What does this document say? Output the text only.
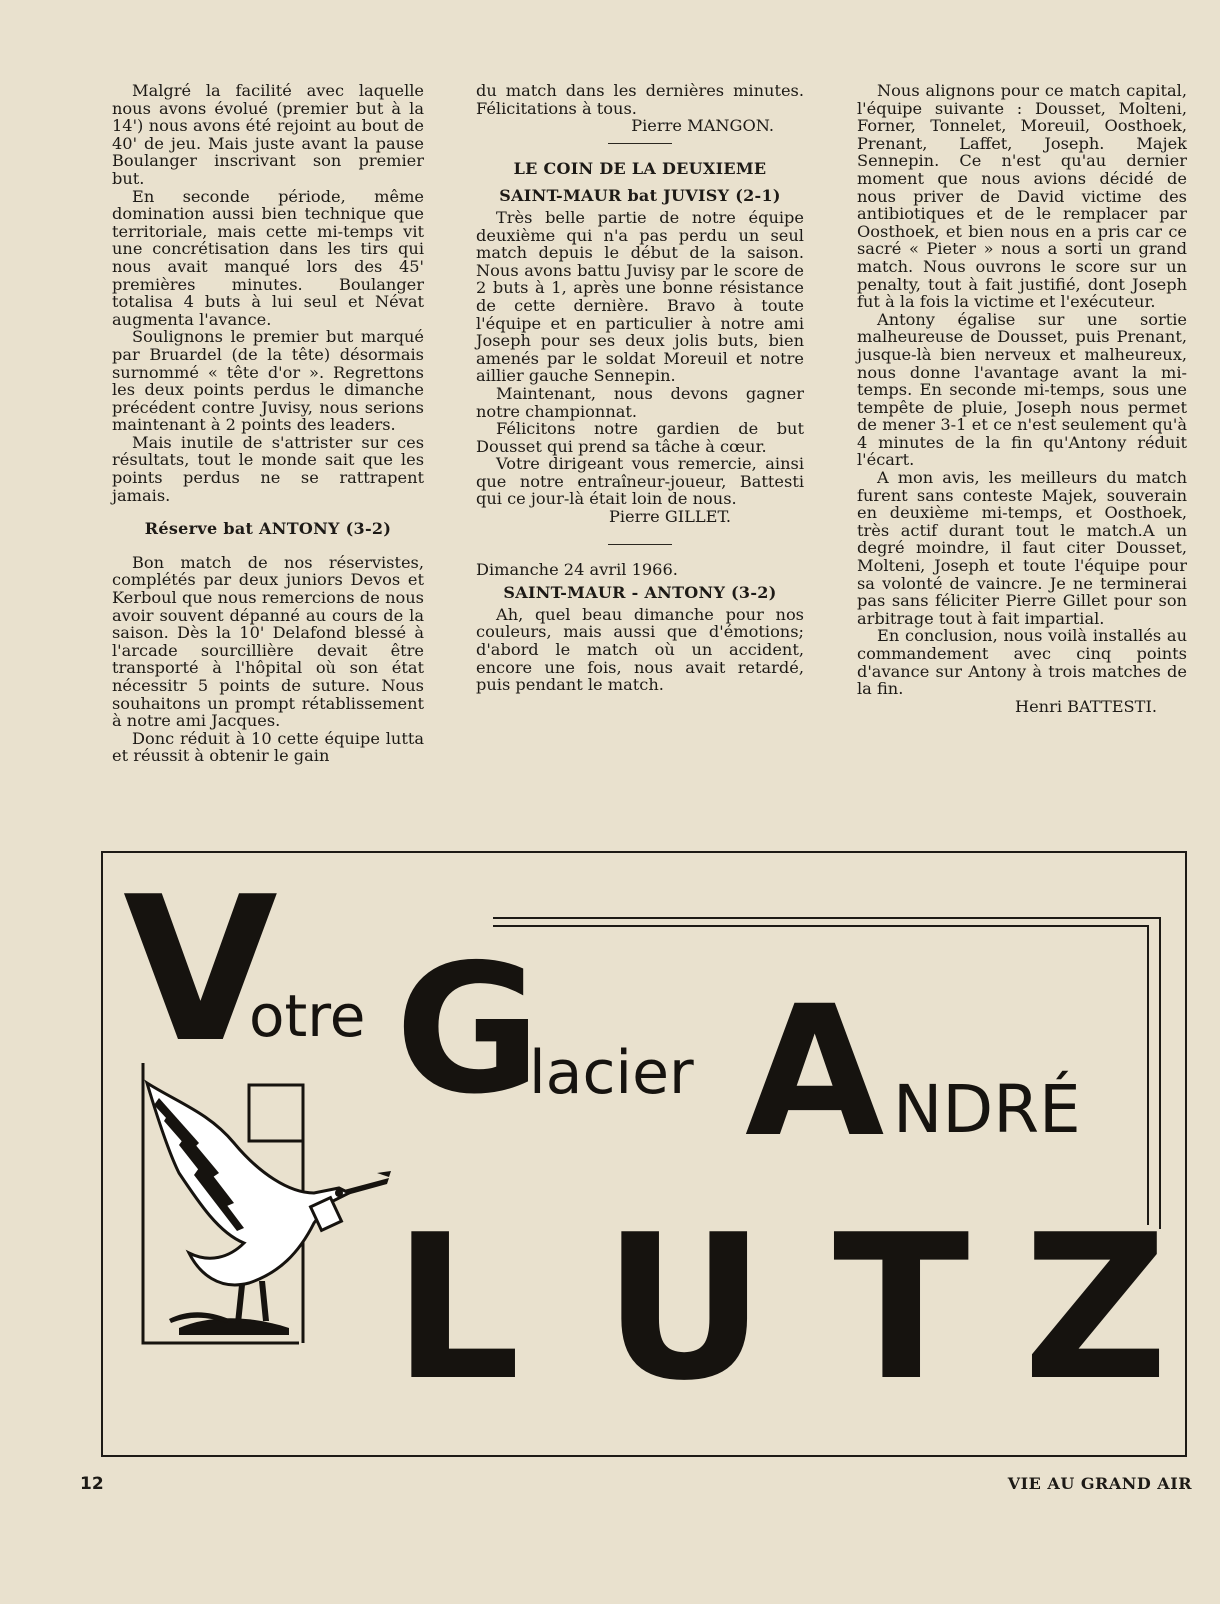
Malgré la facilité avec laquelle nous avons évolué (premier but à la 14') nous avons été rejoint au bout de 40' de jeu. Mais juste avant la pause Boulanger inscrivant son premier but.

En seconde période, même domination aussi bien technique que territoriale, mais cette mi-temps vit une concrétisation dans les tirs qui nous avait manqué lors des 45' premières minutes. Boulanger totalisa 4 buts à lui seul et Névat augmenta l'avance.

Soulignons le premier but marqué par Bruardel (de la tête) désormais surnommé « tête d'or ». Regrettons les deux points perdus le dimanche précédent contre Juvisy, nous serions maintenant à 2 points des leaders.

Mais inutile de s'attrister sur ces résultats, tout le monde sait que les points perdus ne se rattrapent jamais.

Réserve bat ANTONY (3-2)

Bon match de nos réservistes, complétés par deux juniors Devos et Kerboul que nous remercions de nous avoir souvent dépanné au cours de la saison. Dès la 10' Delafond blessé à l'arcade sourcillière devait être transporté à l'hôpital où son état nécessitr 5 points de suture. Nous souhaitons un prompt rétablissement à notre ami Jacques.

Donc réduit à 10 cette équipe lutta et réussit à obtenir le gain

du match dans les dernières minutes. Félicitations à tous.

Pierre MANGON.

LE COIN DE LA DEUXIEME
SAINT-MAUR bat JUVISY (2-1)

Très belle partie de notre équipe deuxième qui n'a pas perdu un seul match depuis le début de la saison. Nous avons battu Juvisy par le score de 2 buts à 1, après une bonne résistance de cette dernière. Bravo à toute l'équipe et en particulier à notre ami Joseph pour ses deux jolis buts, bien amenés par le soldat Moreuil et notre aillier gauche Sennepin.

Maintenant, nous devons gagner notre championnat.

Félicitons notre gardien de but Dousset qui prend sa tâche à cœur.

Votre dirigeant vous remercie, ainsi que notre entraîneur-joueur, Battesti qui ce jour-là était loin de nous.

Pierre GILLET.

Dimanche 24 avril 1966.

SAINT-MAUR - ANTONY (3-2)

Ah, quel beau dimanche pour nos couleurs, mais aussi que d'émotions; d'abord le match où un accident, encore une fois, nous avait retardé, puis pendant le match.

Nous alignons pour ce match capital, l'équipe suivante : Dousset, Molteni, Forner, Tonnelet, Moreuil, Oosthoek, Prenant, Laffet, Joseph. Majek Sennepin. Ce n'est qu'au dernier moment que nous avions décidé de nous priver de David victime des antibiotiques et de le remplacer par Oosthoek, et bien nous en a pris car ce sacré « Pieter » nous a sorti un grand match. Nous ouvrons le score sur un penalty, tout à fait justifié, dont Joseph fut à la fois la victime et l'exécuteur.

Antony égalise sur une sortie malheureuse de Dousset, puis Prenant, jusque-là bien nerveux et malheureux, nous donne l'avantage avant la mi-temps. En seconde mi-temps, sous une tempête de pluie, Joseph nous permet de mener 3-1 et ce n'est seulement qu'à 4 minutes de la fin qu'Antony réduit l'écart.

A mon avis, les meilleurs du match furent sans conteste Majek, souverain en deuxième mi-temps, et Oosthoek, très actif durant tout le match.A un degré moindre, il faut citer Dousset, Molteni, Joseph et toute l'équipe pour sa volonté de vaincre. Je ne terminerai pas sans féliciter Pierre Gillet pour son arbitrage tout à fait impartial.

En conclusion, nous voilà installés au commandement avec cinq points d'avance sur Antony à trois matches de la fin.

Henri BATTESTI.

V
otre G
lacier A NDRÉ
L U T Z
12	VIE AU GRAND AIR
